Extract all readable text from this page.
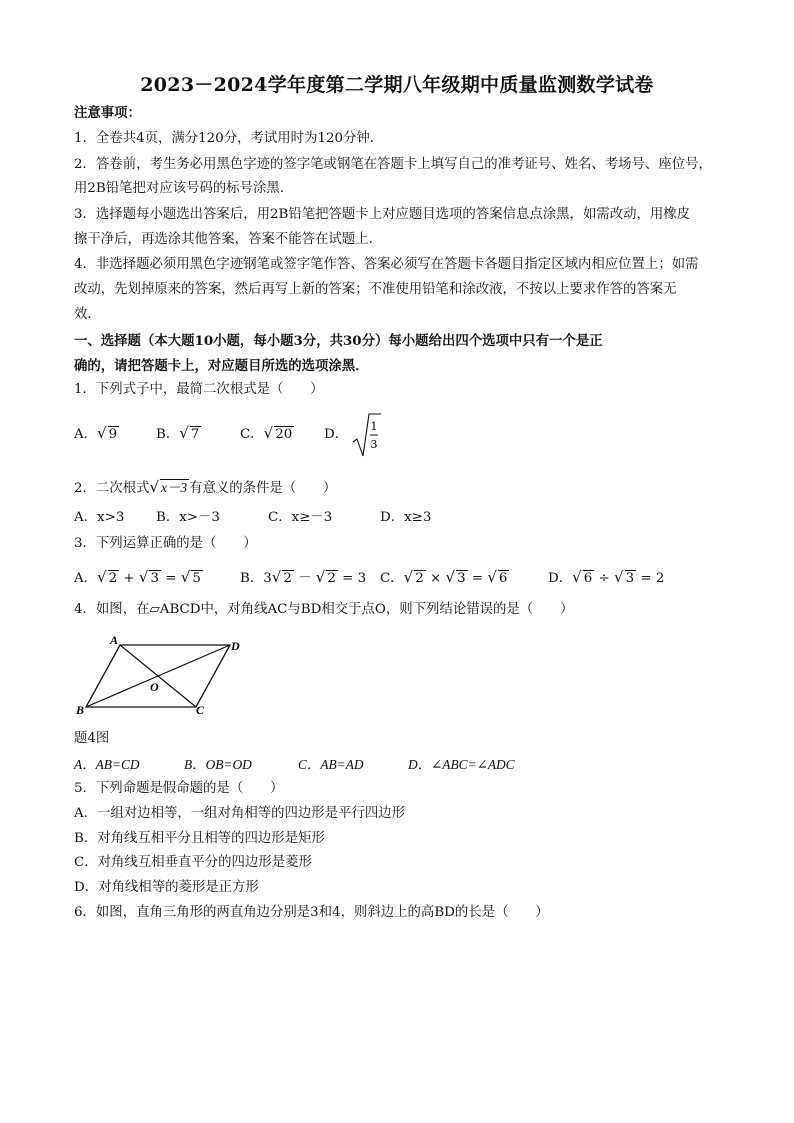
2023－2024学年度第二学期八年级期中质量监测数学试卷
注意事项：
1．全卷共4页，满分120分，考试用时为120分钟．
2．答卷前，考生务必用黑色字迹的签字笔或钢笔在答题卡上填写自己的准考证号、姓名、考场号、座位号，
用2B铅笔把对应该号码的标号涂黑．
3．选择题每小题选出答案后，用2B铅笔把答题卡上对应题目选项的答案信息点涂黑，如需改动，用橡皮
擦干净后，再选涂其他答案，答案不能答在试题上．
4．非选择题必须用黑色字迹钢笔或签字笔作答、答案必须写在答题卡各题目指定区域内相应位置上；如需
改动，先划掉原来的答案，然后再写上新的答案；不准使用铅笔和涂改液，不按以上要求作答的答案无
效．
一、选择题（本大题10小题，每小题3分，共30分）每小题给出四个选项中只有一个是正
确的，请把答题卡上，对应题目所选的选项涂黑．
1．下列式子中，最简二次根式是（　　）
A．√ 9	B．√ 7	C．√ 20 D．
1
3
2．二次根式√ x－3 有意义的条件是（　　）
A．x>3 B．x>－3	C．x≥－3	D．x≥3
3．下列运算正确的是（　　）
A．√ 2 + √ 3 = √ 5	B．3√ 2 － √ 2 = 3 C．√ 2 × √ 3 = √ 6	D．√ 6 ÷ √ 3 = 2
4．如图，在▱ABCD中，对角线AC与BD相交于点O，则下列结论错误的是（　　）
A	D
B	C
O
题4图
A．AB=CD	B．OB=OD	C．AB=AD	D．∠ABC=∠ADC
5．下列命题是假命题的是（　　）
A．一组对边相等，一组对角相等的四边形是平行四边形
B．对角线互相平分且相等的四边形是矩形
C．对角线互相垂直平分的四边形是菱形
D．对角线相等的菱形是正方形
6．如图，直角三角形的两直角边分别是3和4，则斜边上的高BD的长是（　　）
